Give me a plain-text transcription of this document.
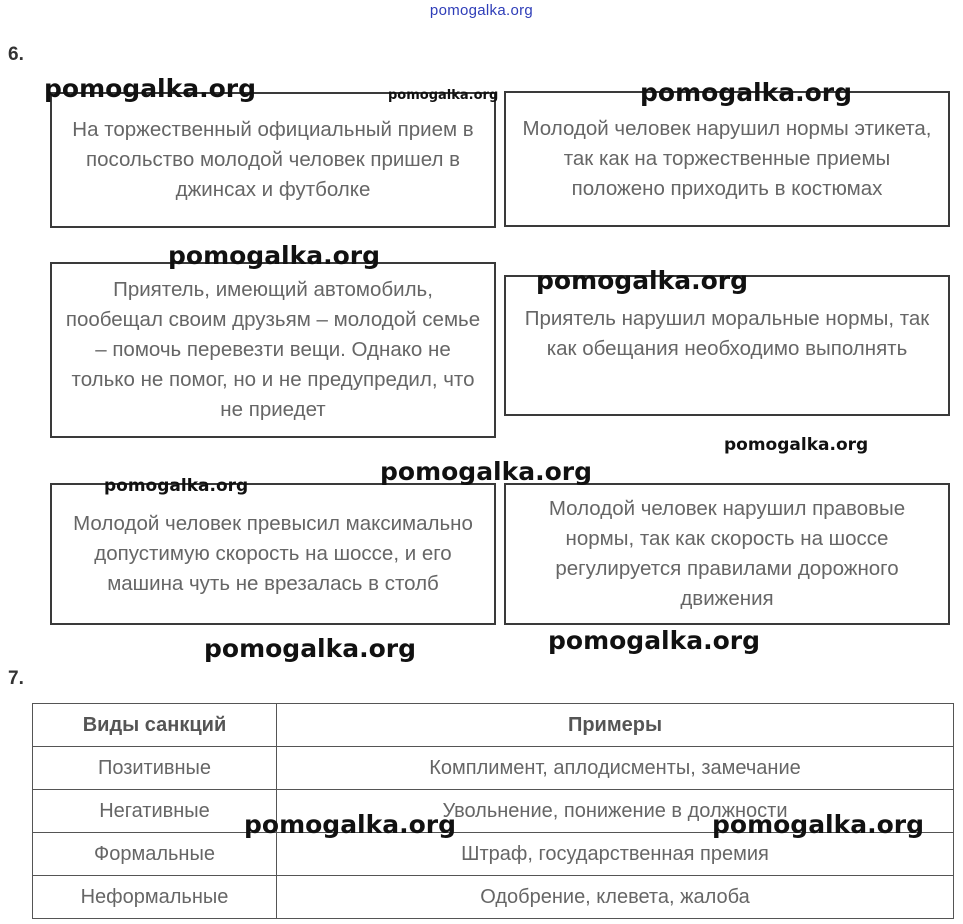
pomogalka.org
6.
На торжественный официальный прием в посольство молодой человек пришел в джинсах и футболке
Молодой человек нарушил нормы этикета, так как на торжественные приемы положено приходить в костюмах
Приятель, имеющий автомобиль, пообещал своим друзьям – молодой семье – помочь перевезти вещи. Однако не только не помог, но и не предупредил, что не приедет
Приятель нарушил моральные нормы, так как обещания необходимо выполнять
Молодой человек превысил максимально допустимую скорость на шоссе, и его машина чуть не врезалась в столб
Молодой человек нарушил правовые нормы, так как скорость на шоссе регулируется правилами дорожного движения
7.
Виды санкций	Примеры
Позитивные	Комплимент, аплодисменты, замечание
Негативные	Увольнение, понижение в должности
Формальные	Штраф, государственная премия
Неформальные	Одобрение, клевета, жалоба
pomogalka.org	pomogalka.org	pomogalka.org
pomogalka.org
pomogalka.org
pomogalka.org
pomogalka.org
pomogalka.org
pomogalka.org	pomogalka.org
pomogalka.org	pomogalka.org
